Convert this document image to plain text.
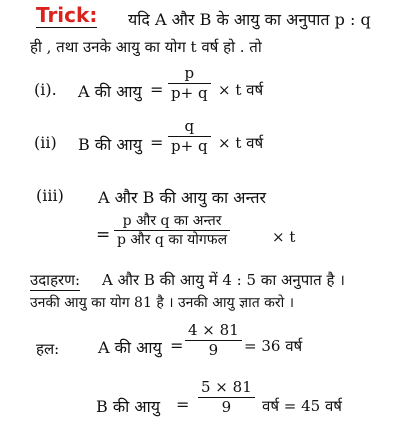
Trick: यदि A और B के आयु का अनुपात p : q
ही , तथा उनके आयु का योग t वर्ष हो . तो
(i). A की आयु =
p
p+ q × t वर्ष
(ii) B की आयु =
q
p+ q × t वर्ष
(iii) A और B की आयु का अन्तर
=
p और q का अन्तर
p और q का योगफल	× t
उदाहरण: A और B की आयु में 4 : 5 का अनुपात है ।
उनकी आयु का योग 81 है । उनकी आयु ज्ञात करो ।
हल: A की आयु =
4 × 81
9 = 36 वर्ष
B की आयु =
5 × 81
9 वर्ष = 45 वर्ष
